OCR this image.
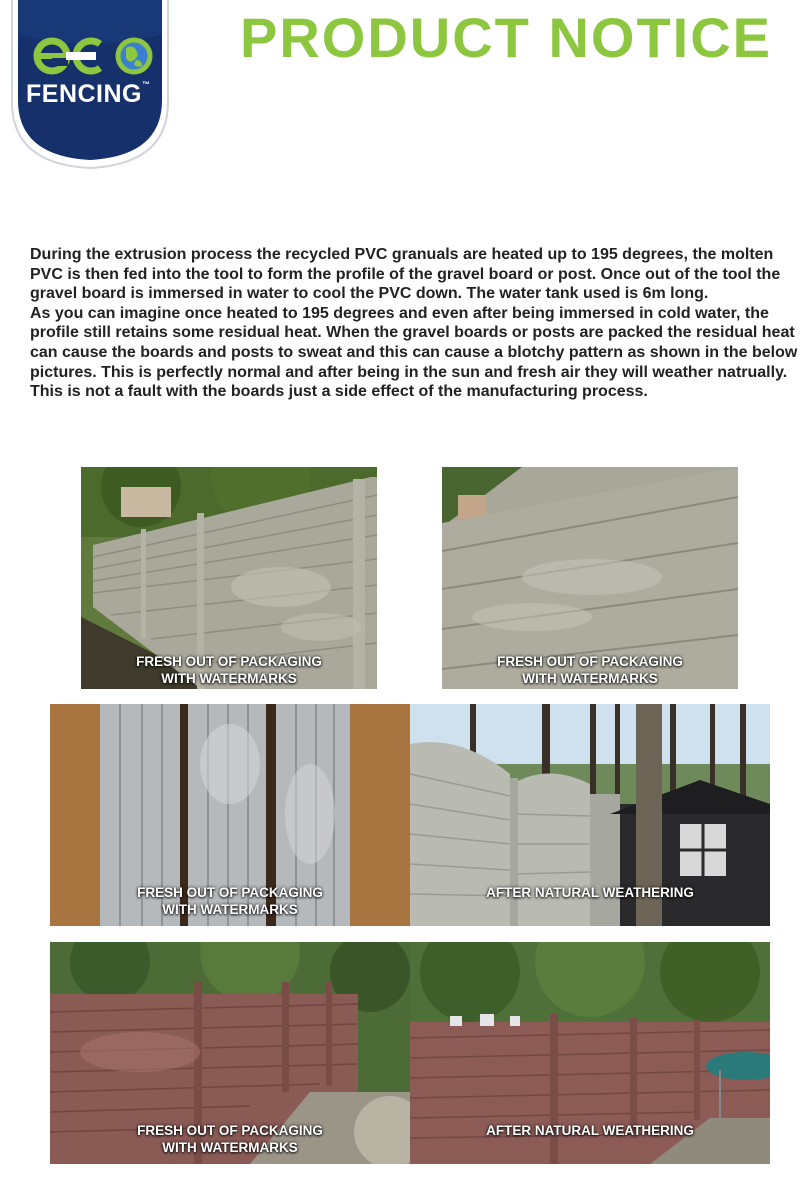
FENCING™
PRODUCT NOTICE

During the extrusion process the recycled PVC granuals are heated up to 195 degrees, the molten PVC is then fed into the tool to form the profile of the gravel board or post. Once out of the tool the gravel board is immersed in water to cool the PVC down. The water tank used is 6m long.

As you can imagine once heated to 195 degrees and even after being immersed in cold water, the profile still retains some residual heat. When the gravel boards or posts are packed the residual heat can cause the boards and posts to sweat and this can cause a blotchy pattern as shown in the below pictures. This is perfectly normal and after being in the sun and fresh air they will weather natrually. This is not a fault with the boards just a side effect of the manufacturing process.

FRESH OUT OF PACKAGING
WITH WATERMARKS
FRESH OUT OF PACKAGING
WITH WATERMARKS
FRESH OUT OF PACKAGING
WITH WATERMARKS
AFTER NATURAL WEATHERING
FRESH OUT OF PACKAGING
WITH WATERMARKS
AFTER NATURAL WEATHERING
